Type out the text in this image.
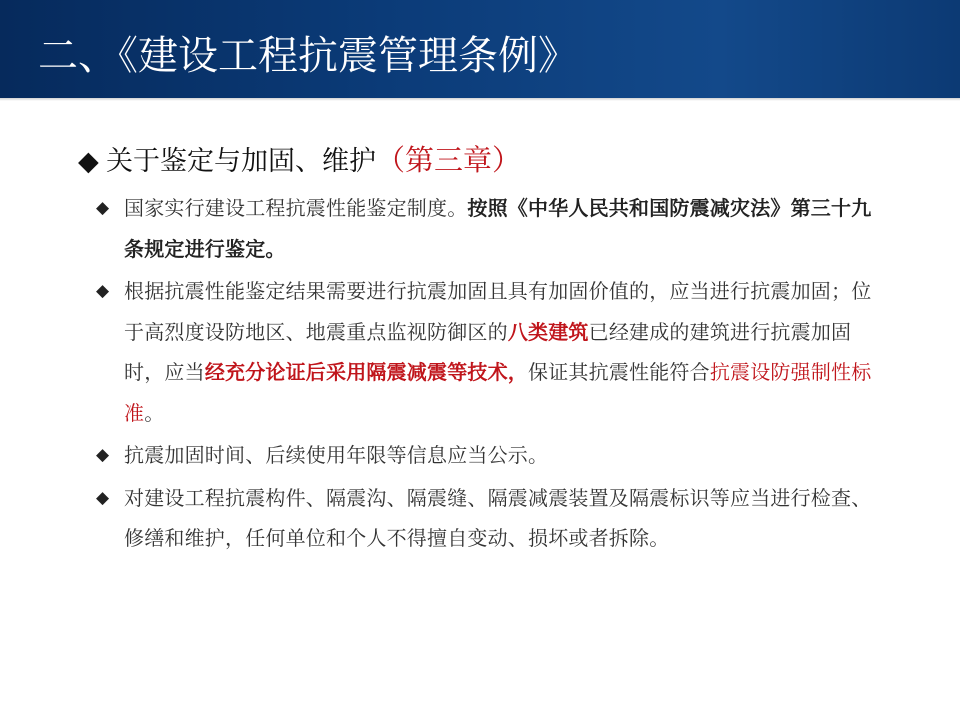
二、《建设工程抗震管理条例》
◆ 关于鉴定与加固、维护（第三章）
◆ 国家实行建设工程抗震性能鉴定制度。按照《中华人民共和国防震减灾法》第三十九条规定进行鉴定。
◆ 根据抗震性能鉴定结果需要进行抗震加固且具有加固价值的，应当进行抗震加固；位于高烈度设防地区、地震重点监视防御区的八类建筑已经建成的建筑进行抗震加固时，应当经充分论证后采用隔震减震等技术，保证其抗震性能符合抗震设防强制性标准。
◆ 抗震加固时间、后续使用年限等信息应当公示。
◆ 对建设工程抗震构件、隔震沟、隔震缝、隔震减震装置及隔震标识等应当进行检查、修缮和维护，任何单位和个人不得擅自变动、损坏或者拆除。
